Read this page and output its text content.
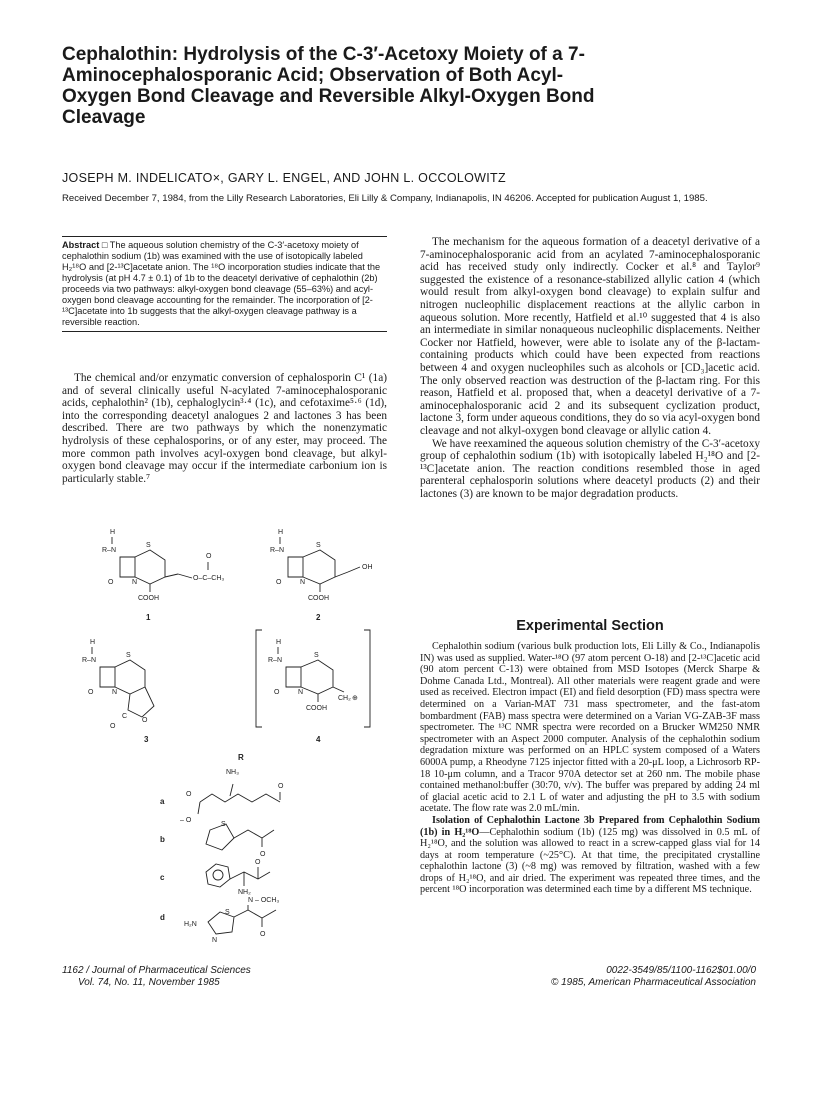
Cephalothin: Hydrolysis of the C-3′-Acetoxy Moiety of a 7-Aminocephalosporanic Acid; Observation of Both Acyl-Oxygen Bond Cleavage and Reversible Alkyl-Oxygen Bond Cleavage
JOSEPH M. INDELICATO×, GARY L. ENGEL, AND JOHN L. OCCOLOWITZ
Received December 7, 1984, from the Lilly Research Laboratories, Eli Lilly & Company, Indianapolis, IN 46206. Accepted for publication August 1, 1985.
Abstract □ The aqueous solution chemistry of the C-3′-acetoxy moiety of cephalothin sodium (1b) was examined with the use of isotopically labeled H₂¹⁸O and [2-¹³C]acetate anion. The ¹⁸O incorporation studies indicate that the hydrolysis (at pH 4.7 ± 0.1) of 1b to the deacetyl derivative of cephalothin (2b) proceeds via two pathways: alkyl-oxygen bond cleavage (55–63%) and acyl-oxygen bond cleavage accounting for the remainder. The incorporation of [2-¹³C]acetate into 1b suggests that the alkyl-oxygen cleavage pathway is a reversible reaction.

The chemical and/or enzymatic conversion of cephalosporin C¹ (1a) and of several clinically useful N-acylated 7-aminocephalosporanic acids, cephalothin² (1b), cephaloglycin³·⁴ (1c), and cefotaxime⁵·⁶ (1d), into the corresponding deacetyl analogues 2 and lactones 3 has been described. There are two pathways by which the nonenzymatic hydrolysis of these cephalosporins, or of any ester, may proceed. The more common path involves acyl-oxygen bond cleavage, but alkyl-oxygen bond cleavage may occur if the intermediate carbonium ion is particularly stable.⁷

H
R–N
S
N
O
O
O–C–CH₃
COOH
1
H
R–N
S
OH
N
O
COOH
2
H
R–N
S
O
C
N
O
O
3
H
R–N
S
CH₂ ⊕
N
O
COOH
4
R
a
NH₃
O
O
– O
b
S
O
c
O
NH₂
d
N – OCH₃
H₂N
S
N
O

The mechanism for the aqueous formation of a deacetyl derivative of a 7-aminocephalosporanic acid from an acylated 7-aminocephalosporanic acid has received study only indirectly. Cocker et al.⁸ and Taylor⁹ suggested the existence of a resonance-stabilized allylic cation 4 (which would result from alkyl-oxygen bond cleavage) to explain sulfur and nitrogen nucleophilic displacement reactions at the allylic carbon in aqueous solution. More recently, Hatfield et al.¹⁰ suggested that 4 is also an intermediate in similar nonaqueous nucleophilic displacements. Neither Cocker nor Hatfield, however, were able to isolate any of the β-lactam-containing products which could have been expected from reactions between 4 and oxygen nucleophiles such as alcohols or [CD₃]acetic acid. The only observed reaction was destruction of the β-lactam ring. For this reason, Hatfield et al. proposed that, when a deacetyl derivative of a 7-aminocephalosporanic acid 2 and its subsequent cyclization product, lactone 3, form under aqueous conditions, they do so via acyl-oxygen bond cleavage and not alkyl-oxygen bond cleavage or allylic cation 4.

We have reexamined the aqueous solution chemistry of the C-3′-acetoxy group of cephalothin sodium (1b) with isotopically labeled H₂¹⁸O and [2-¹³C]acetate anion. The reaction conditions resembled those in aged parenteral cephalosporin solutions where deacetyl products (2) and their lactones (3) are known to be major degradation products.

Experimental Section

Cephalothin sodium (various bulk production lots, Eli Lilly & Co., Indianapolis IN) was used as supplied. Water-¹⁸O (97 atom percent O-18) and [2-¹³C]acetic acid (90 atom percent C-13) were obtained from MSD Isotopes (Merck Sharpe & Dohme Canada Ltd., Montreal). All other materials were reagent grade and were used as received. Electron impact (EI) and field desorption (FD) mass spectra were determined on a Varian-MAT 731 mass spectrometer, and the fast-atom bombardment (FAB) mass spectra were determined on a Varian VG-ZAB-3F mass spectrometer. The ¹³C NMR spectra were recorded on a Brucker WM250 NMR spectrometer with an Aspect 2000 computer. Analysis of the cephalothin sodium degradation mixture was performed on an HPLC system composed of a Waters 6000A pump, a Rheodyne 7125 injector fitted with a 20-μL loop, a Lichrosorb RP-18 10-μm column, and a Tracor 970A detector set at 260 nm. The mobile phase contained methanol:buffer (30:70, v/v). The buffer was prepared by adding 24 ml of glacial acetic acid to 2.1 L of water and adjusting the pH to 3.5 with sodium acetate. The flow rate was 2.0 mL/min.

Isolation of Cephalothin Lactone 3b Prepared from Cephalothin Sodium (1b) in H₂¹⁸O—Cephalothin sodium (1b) (125 mg) was dissolved in 0.5 mL of H₂¹⁸O, and the solution was allowed to react in a screw-capped glass vial for 14 days at room temperature (~25°C). At that time, the precipitated crystalline cephalothin lactone (3) (~8 mg) was removed by filtration, washed with a few drops of H₂¹⁸O, and air dried. The experiment was repeated three times, and the percent ¹⁸O incorporation was determined each time by a different MS technique.

1162 / Journal of Pharmaceutical Sciences
Vol. 74, No. 11, November 1985
0022-3549/85/1100-1162$01.00/0
© 1985, American Pharmaceutical Association
